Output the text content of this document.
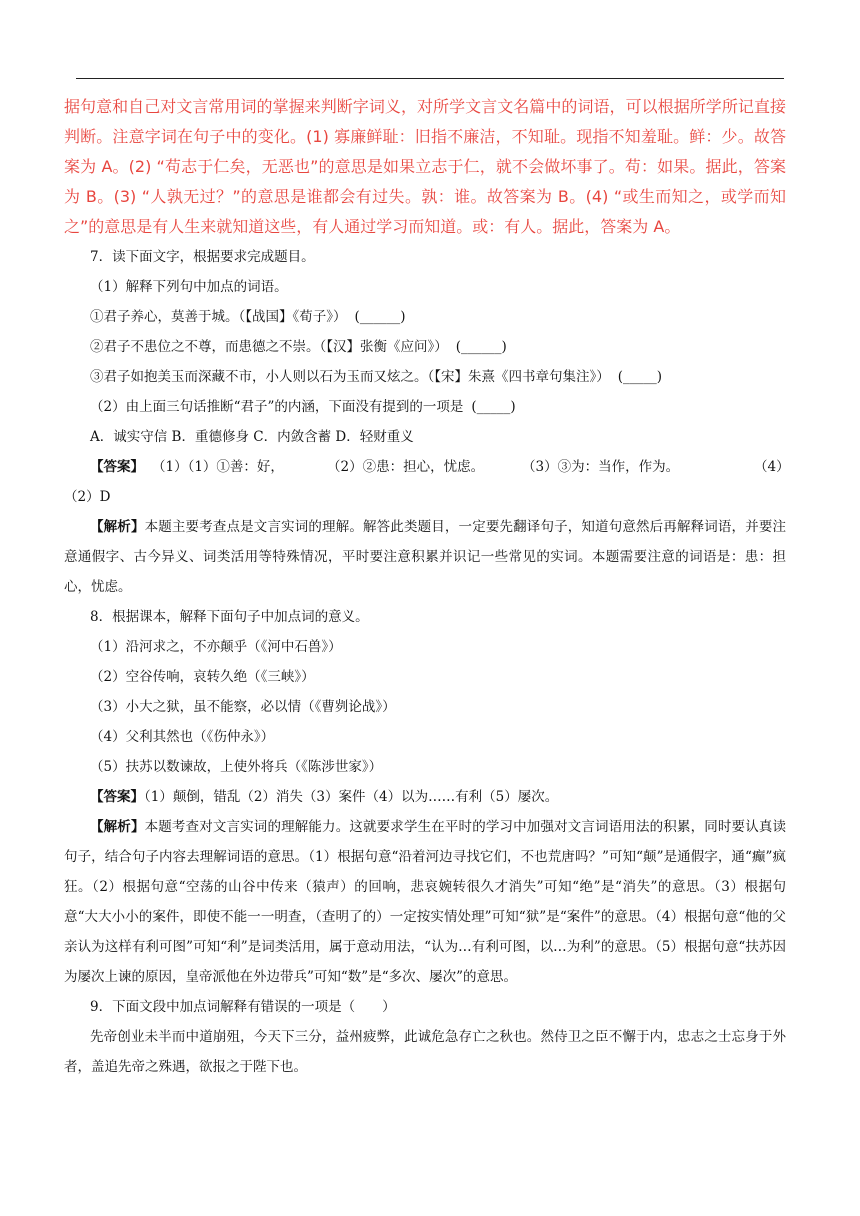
据句意和自己对文言常用词的掌握来判断字词义，对所学文言文名篇中的词语，可以根据所学所记直接判断。注意字词在句子中的变化。(1) 寡廉鲜耻：旧指不廉洁，不知耻。现指不知羞耻。鲜：少。故答案为 A。(2) “苟志于仁矣，无恶也”的意思是如果立志于仁，就不会做坏事了。苟：如果。据此，答案为 B。(3) “人孰无过？”的意思是谁都会有过失。孰：谁。故答案为 B。(4) “或生而知之，或学而知之”的意思是有人生来就知道这些，有人通过学习而知道。或：有人。据此，答案为 A。

7．读下面文字，根据要求完成题目。

（1）解释下列句中加点的词语。

①君子养心，莫善于城。（【战国】《荀子》） (______)

②君子不患位之不尊，而患德之不崇。（【汉】张衡《应问》） (______)

③君子如抱美玉而深藏不市，小人则以石为玉而又炫之。（【宋】朱熹《四书章句集注》） (_____)

（2）由上面三句话推断“君子”的内涵，下面没有提到的一项是 (_____)

A．诚实守信 B．重德修身 C．内敛含蓄 D．轻财重义

【答案】 （1）（1）①善：好，	（2）②患：担心，忧虑。	（3）③为：当作，作为。	（4）

（2）D

【解析】本题主要考查点是文言实词的理解。解答此类题目，一定要先翻译句子，知道句意然后再解释词语，并要注意通假字、古今异义、词类活用等特殊情况，平时要注意积累并识记一些常见的实词。本题需要注意的词语是：患：担心，忧虑。

8．根据课本，解释下面句子中加点词的意义。

（1）沿河求之，不亦颠乎（《河中石兽》）

（2）空谷传响，哀转久绝（《三峡》）

（3）小大之狱，虽不能察，必以情（《曹刿论战》）

（4）父利其然也（《伤仲永》）

（5）扶苏以数谏故，上使外将兵（《陈涉世家》）

【答案】（1）颠倒，错乱（2）消失（3）案件（4）以为……有利（5）屡次。

【解析】本题考查对文言实词的理解能力。这就要求学生在平时的学习中加强对文言词语用法的积累，同时要认真读句子，结合句子内容去理解词语的意思。（1）根据句意“沿着河边寻找它们，不也荒唐吗？”可知“颠”是通假字，通“癫”疯狂。（2）根据句意“空荡的山谷中传来（猿声）的回响，悲哀婉转很久才消失”可知“绝”是“消失”的意思。（3）根据句意“大大小小的案件，即使不能一一明查，（查明了的）一定按实情处理”可知“狱”是“案件”的意思。（4）根据句意“他的父亲认为这样有利可图”可知“利”是词类活用，属于意动用法，“认为…有利可图，以…为利”的意思。（5）根据句意“扶苏因为屡次上谏的原因，皇帝派他在外边带兵”可知“数”是“多次、屡次”的意思。

9．下面文段中加点词解释有错误的一项是（　　）

先帝创业未半而中道崩殂，今天下三分，益州疲弊，此诚危急存亡之秋也。然侍卫之臣不懈于内，忠志之士忘身于外者，盖追先帝之殊遇，欲报之于陛下也。
